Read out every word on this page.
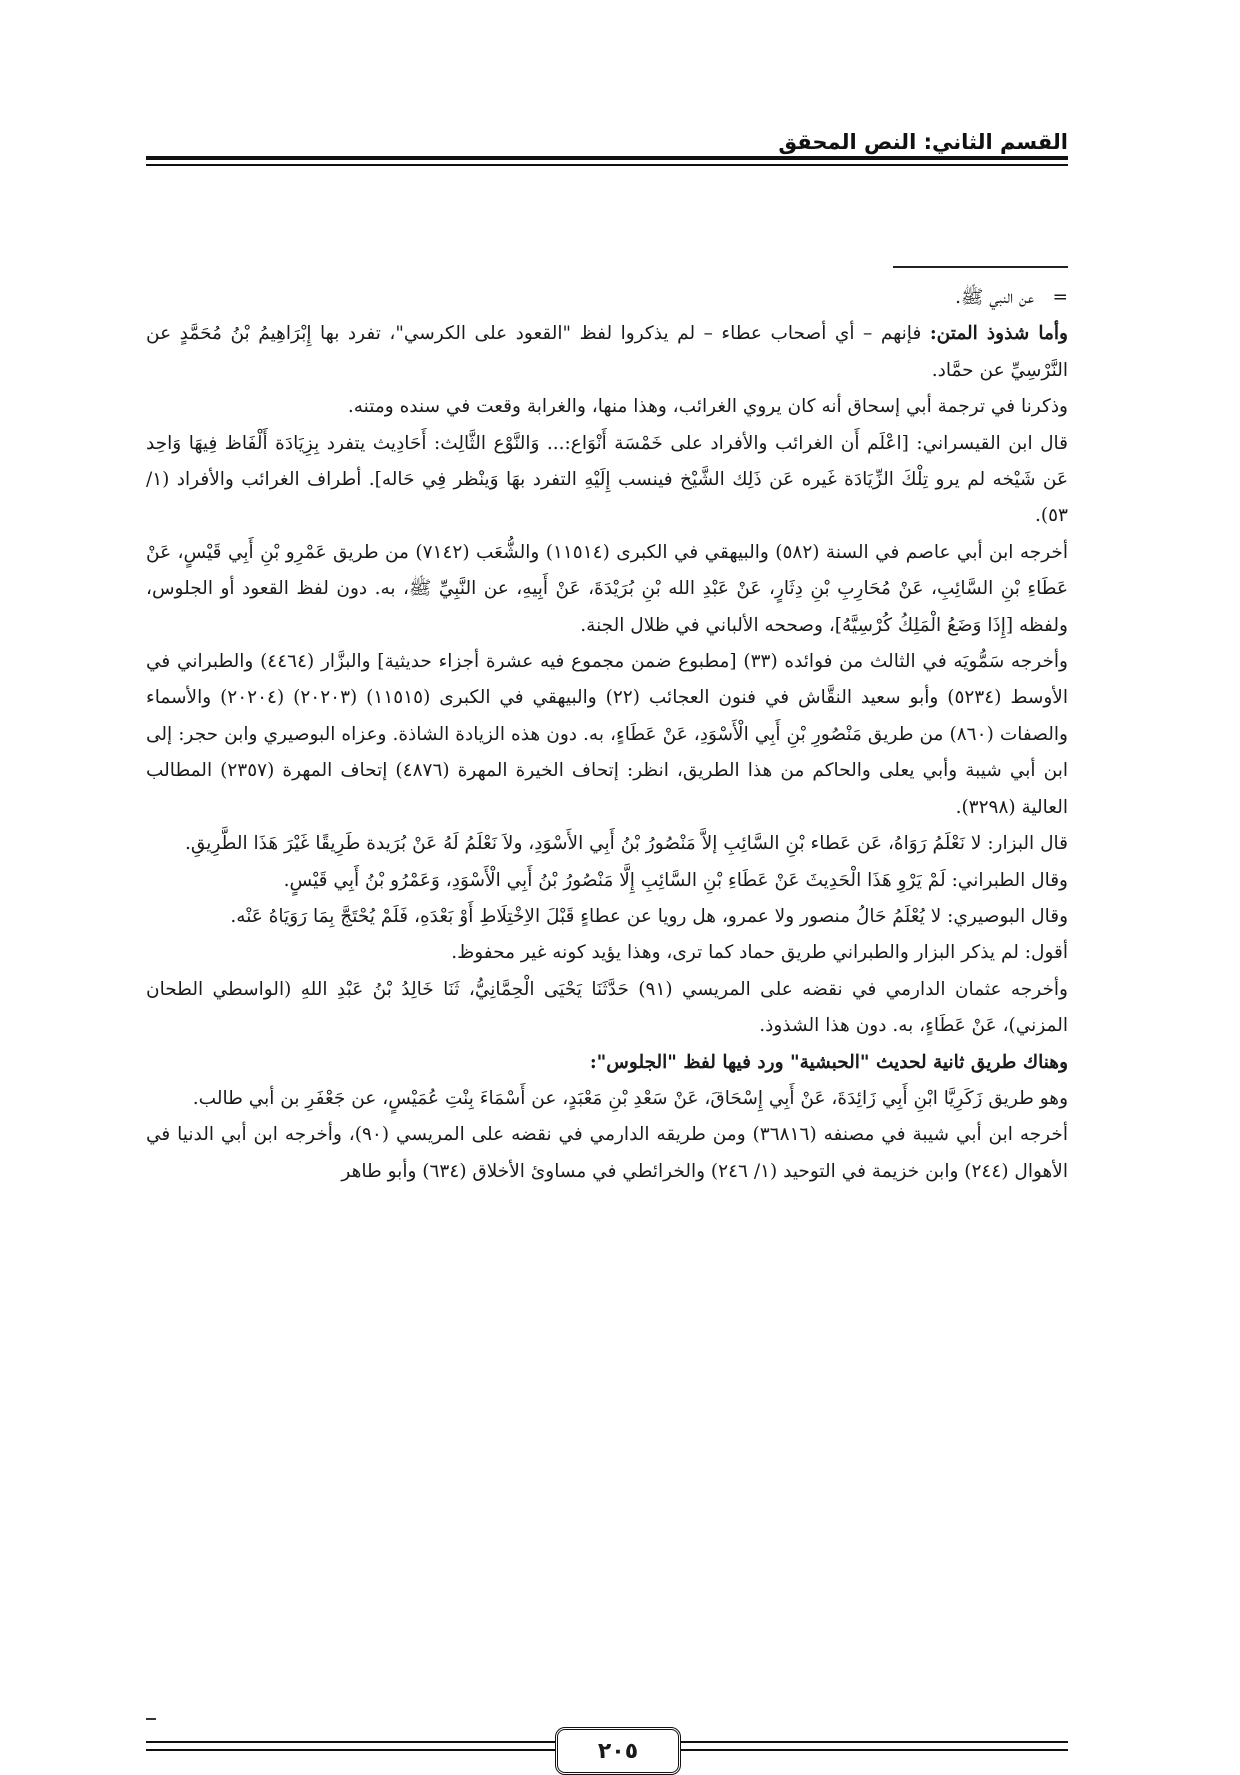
القسم الثاني: النص المحقق

= عن النبي ﷺ.

وأما شذوذ المتن: فإنهم – أي أصحاب عطاء – لم يذكروا لفظ "القعود على الكرسي"، تفرد بها إِبْرَاهِيمُ بْنُ مُحَمَّدٍ عن النَّرْسِيِّ عن حمَّاد.

وذكرنا في ترجمة أبي إسحاق أنه كان يروي الغرائب، وهذا منها، والغرابة وقعت في سنده ومتنه.

قال ابن القيسراني: [اعْلَم أَن الغرائب والأفراد على خَمْسَة أَنْوَاع:... وَالنَّوْع الثَّالِث: أَحَادِيث يتفرد بِزِيَادَة أَلْفَاظ فِيهَا وَاحِد عَن شَيْخه لم يرو تِلْكَ الزِّيَادَة غَيره عَن ذَلِك الشَّيْخ فينسب إِلَيْهِ التفرد بهَا وَينْظر فِي حَاله]. أطراف الغرائب والأفراد (١/ ٥٣).

أخرجه ابن أبي عاصم في السنة (٥٨٢) والبيهقي في الكبرى (١١٥١٤) والشُّعَب (٧١٤٢) من طريق عَمْرِو بْنِ أَبِي قَيْسٍ، عَنْ عَطَاءِ بْنِ السَّائِبِ، عَنْ مُحَارِبِ بْنِ دِثَارٍ، عَنْ عَبْدِ الله بْنِ بُرَيْدَةَ، عَنْ أَبِيهِ، عن النَّبِيِّ ﷺ، به. دون لفظ القعود أو الجلوس، ولفظه [إِذَا وَضَعُ الْمَلِكُ كُرْسِيَّهُ]، وصححه الألباني في ظلال الجنة.

وأخرجه سَمُّويَه في الثالث من فوائده (٣٣) [مطبوع ضمن مجموع فيه عشرة أجزاء حديثية] والبزَّار (٤٤٦٤) والطبراني في الأوسط (٥٢٣٤) وأبو سعيد النقَّاش في فنون العجائب (٢٢) والبيهقي في الكبرى (١١٥١٥) (٢٠٢٠٣) (٢٠٢٠٤) والأسماء والصفات (٨٦٠) من طريق مَنْصُورِ بْنِ أَبِي الْأَسْوَدِ، عَنْ عَطَاءٍ، به. دون هذه الزيادة الشاذة. وعزاه البوصيري وابن حجر: إلى ابن أبي شيبة وأبي يعلى والحاكم من هذا الطريق، انظر: إتحاف الخيرة المهرة (٤٨٧٦) إتحاف المهرة (٢٣٥٧) المطالب العالية (٣٢٩٨).

قال البزار: لا نَعْلَمُ رَوَاهُ، عَن عَطاء بْنِ السَّائِبِ إلاَّ مَنْصُورُ بْنُ أَبِي الأَسْوَدِ، ولاَ نَعْلَمُ لَهُ عَنْ بُرَيدة طَرِيقًا غَيْرَ هَذَا الطَّرِيقِ.

وقال الطبراني: لَمْ يَرْوِ هَذَا الْحَدِيثَ عَنْ عَطَاءِ بْنِ السَّائِبِ إِلَّا مَنْصُورُ بْنُ أَبِي الْأَسْوَدِ، وَعَمْرُو بْنُ أَبِي قَيْسٍ.

وقال البوصيري: لا يُعْلَمُ حَالُ منصور ولا عمرو، هل رويا عن عطاءٍ قَبْلَ الاِخْتِلَاطِ أَوْ بَعْدَهِ، فَلَمْ يُحْتَجَّ بِمَا رَوَيَاهُ عَنْه.

أقول: لم يذكر البزار والطبراني طريق حماد كما ترى، وهذا يؤيد كونه غير محفوظ.

وأخرجه عثمان الدارمي في نقضه على المريسي (٩١) حَدَّثَنَا يَحْيَى الْحِمَّانِيُّ، ثَنَا خَالِدُ بْنُ عَبْدِ اللهِ (الواسطي الطحان المزني)، عَنْ عَطَاءٍ، به. دون هذا الشذوذ.

وهناك طريق ثانية لحديث "الحبشية" ورد فيها لفظ "الجلوس":

وهو طريق زَكَرِيَّا ابْنِ أَبِي زَائِدَةَ، عَنْ أَبِي إِسْحَاقَ، عَنْ سَعْدِ بْنِ مَعْبَدٍ، عن أَسْمَاءَ بِنْتِ عُمَيْسٍ، عن جَعْفَرِ بن أبي طالب.

أخرجه ابن أبي شيبة في مصنفه (٣٦٨١٦) ومن طريقه الدارمي في نقضه على المريسي (٩٠)، وأخرجه ابن أبي الدنيا في الأهوال (٢٤٤) وابن خزيمة في التوحيد (١/ ٢٤٦) والخرائطي في مساوئ الأخلاق (٦٣٤) وأبو طاهر

٢٠٥
